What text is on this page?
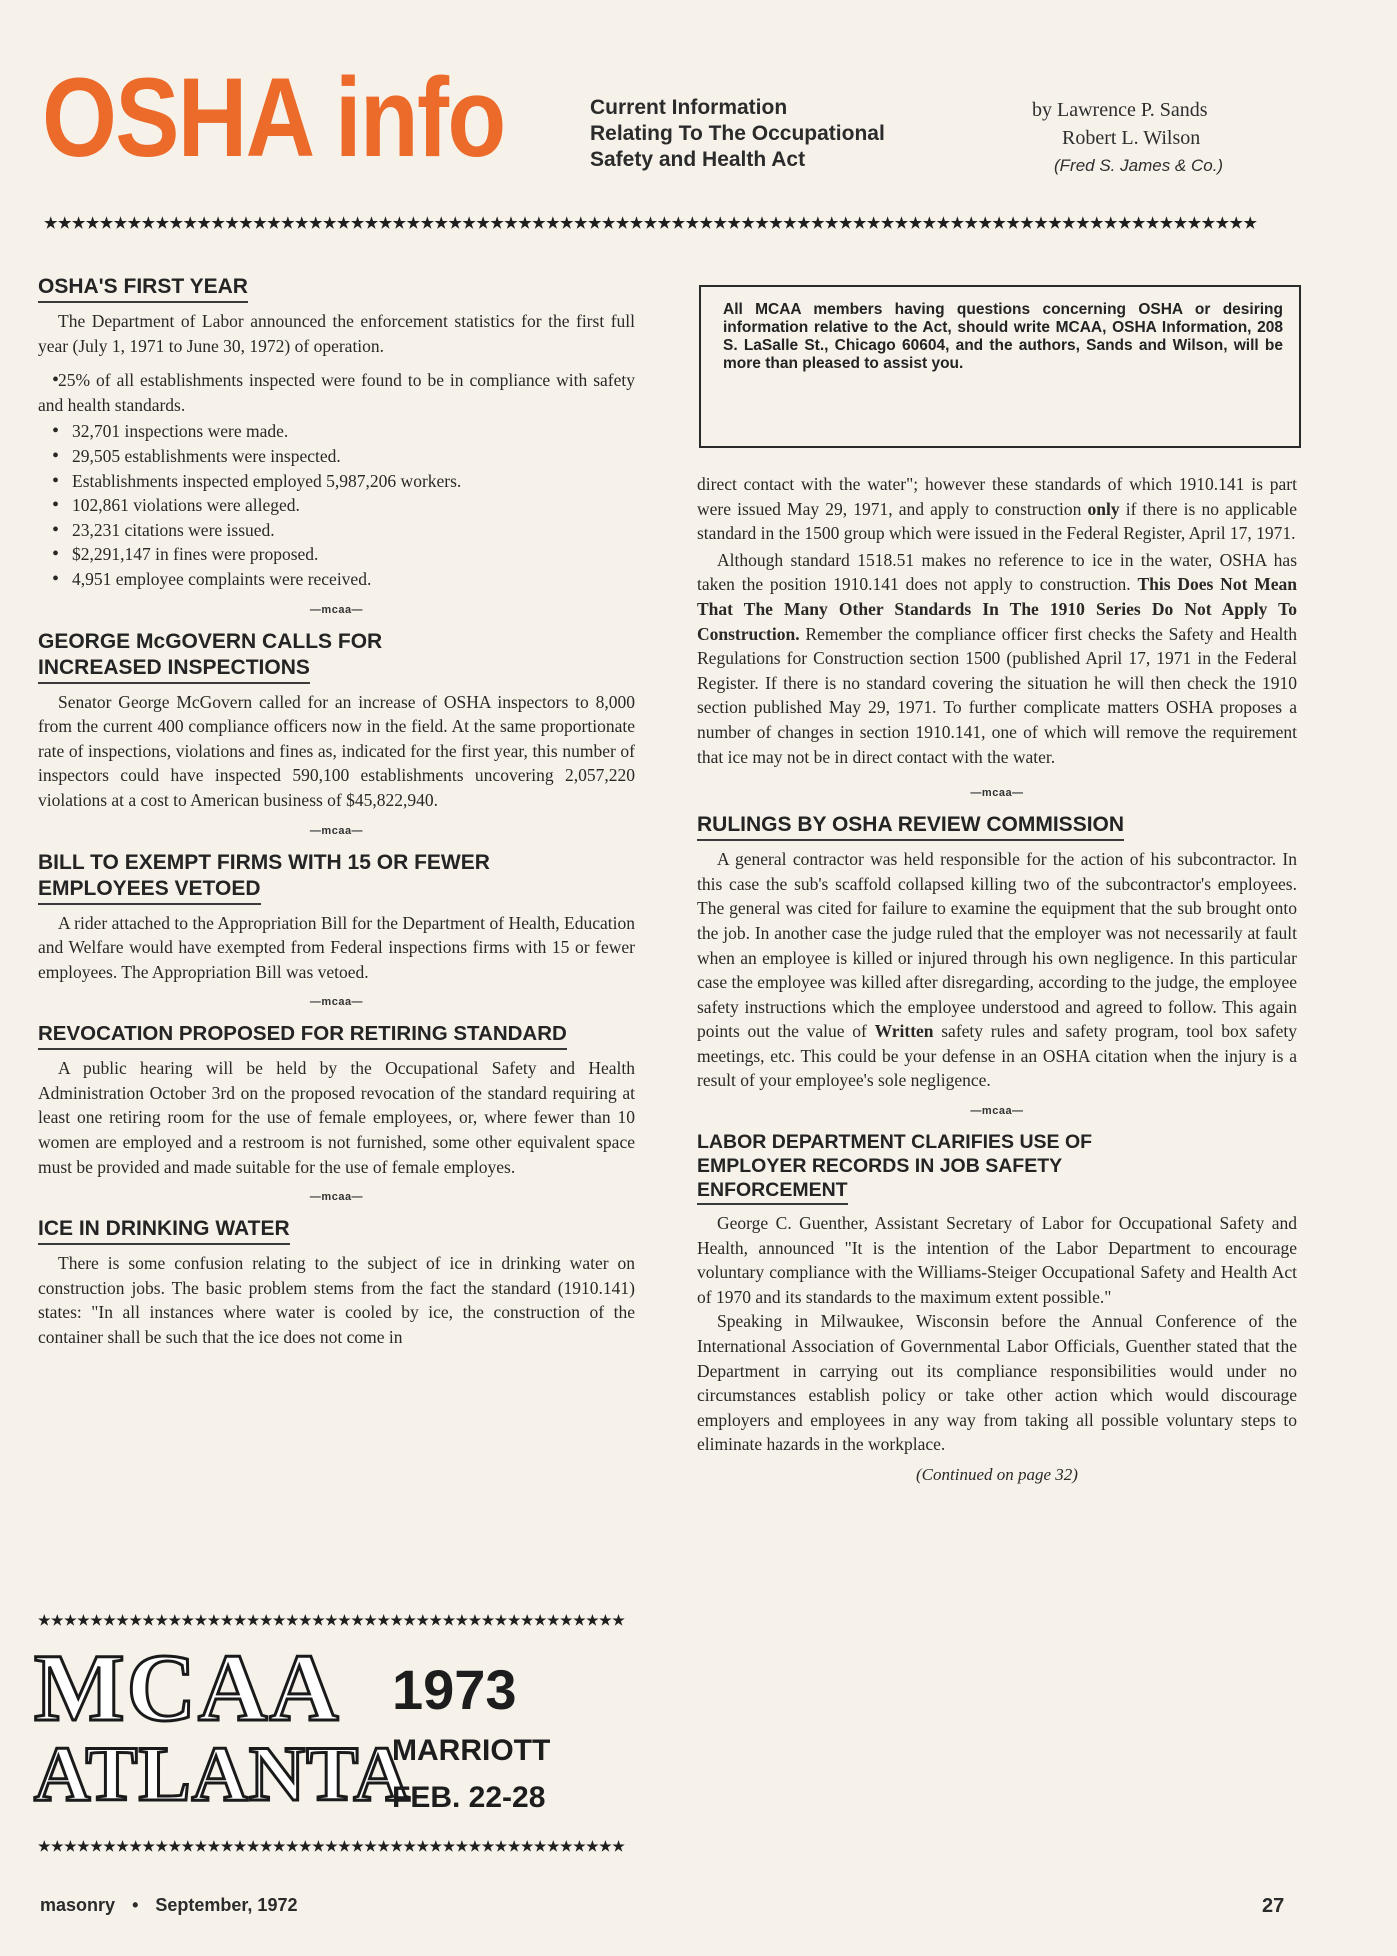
OSHA info	Current Information
Relating To The Occupational
Safety and Health Act
by Lawrence P. Sands
Robert L. Wilson
(Fred S. James & Co.)
★★★★★★★★★★★★★★★★★★★★★★★★★★★★★★★★★★★★★★★★★★★★★★★★★★★★★★★★★★★★★★★★★★★★★★★★★★★★★★★★★★★★★★★
OSHA'S FIRST YEAR

The Department of Labor announced the enforcement statistics for the first full year (July 1, 1971 to June 30, 1972) of operation.

• 25% of all establishments inspected were found to be in compliance with safety and health standards.
• 32,701 inspections were made.
• 29,505 establishments were inspected.
• Establishments inspected employed 5,987,206 workers.
• 102,861 violations were alleged.
• 23,231 citations were issued.
• $2,291,147 in fines were proposed.
• 4,951 employee complaints were received.
—mcaa—
GEORGE McGOVERN CALLS FOR
INCREASED INSPECTIONS

Senator George McGovern called for an increase of OSHA inspectors to 8,000 from the current 400 compliance officers now in the field. At the same proportionate rate of inspections, violations and fines as, indicated for the first year, this number of inspectors could have inspected 590,100 establishments uncovering 2,057,220 violations at a cost to American business of $45,822,940.

—mcaa—
BILL TO EXEMPT FIRMS WITH 15 OR FEWER
EMPLOYEES VETOED

A rider attached to the Appropriation Bill for the Department of Health, Education and Welfare would have exempted from Federal inspections firms with 15 or fewer employees. The Appropriation Bill was vetoed.

—mcaa—
REVOCATION PROPOSED FOR RETIRING STANDARD

A public hearing will be held by the Occupational Safety and Health Administration October 3rd on the proposed revocation of the standard requiring at least one retiring room for the use of female employees, or, where fewer than 10 women are employed and a restroom is not furnished, some other equivalent space must be provided and made suitable for the use of female employes.

—mcaa—
ICE IN DRINKING WATER

There is some confusion relating to the subject of ice in drinking water on construction jobs. The basic problem stems from the fact the standard (1910.141) states: "In all instances where water is cooled by ice, the construction of the container shall be such that the ice does not come in

★★★★★★★★★★★★★★★★★★★★★★★★★★★★★★★★★★★★★★★★★★★★★
MCAA
ATLANTA
1973
MARRIOTT
FEB. 22-28
★★★★★★★★★★★★★★★★★★★★★★★★★★★★★★★★★★★★★★★★★★★★★
All MCAA members having questions concerning OSHA or desiring information relative to the Act, should write MCAA, OSHA Information, 208 S. LaSalle St., Chicago 60604, and the authors, Sands and Wilson, will be more than pleased to assist you.

direct contact with the water"; however these standards of which 1910.141 is part were issued May 29, 1971, and apply to construction only if there is no applicable standard in the 1500 group which were issued in the Federal Register, April 17, 1971.

Although standard 1518.51 makes no reference to ice in the water, OSHA has taken the position 1910.141 does not apply to construction. This Does Not Mean That The Many Other Standards In The 1910 Series Do Not Apply To Construction. Remember the compliance officer first checks the Safety and Health Regulations for Construction section 1500 (published April 17, 1971 in the Federal Register. If there is no standard covering the situation he will then check the 1910 section published May 29, 1971. To further complicate matters OSHA proposes a number of changes in section 1910.141, one of which will remove the requirement that ice may not be in direct contact with the water.

—mcaa—
RULINGS BY OSHA REVIEW COMMISSION

A general contractor was held responsible for the action of his subcontractor. In this case the sub's scaffold collapsed killing two of the subcontractor's employees. The general was cited for failure to examine the equipment that the sub brought onto the job. In another case the judge ruled that the employer was not necessarily at fault when an employee is killed or injured through his own negligence. In this particular case the employee was killed after disregarding, according to the judge, the employee safety instructions which the employee understood and agreed to follow. This again points out the value of Written safety rules and safety program, tool box safety meetings, etc. This could be your defense in an OSHA citation when the injury is a result of your employee's sole negligence.

—mcaa—
LABOR DEPARTMENT CLARIFIES USE OF
EMPLOYER RECORDS IN JOB SAFETY
ENFORCEMENT

George C. Guenther, Assistant Secretary of Labor for Occupational Safety and Health, announced "It is the intention of the Labor Department to encourage voluntary compliance with the Williams-Steiger Occupational Safety and Health Act of 1970 and its standards to the maximum extent possible."

Speaking in Milwaukee, Wisconsin before the Annual Conference of the International Association of Governmental Labor Officials, Guenther stated that the Department in carrying out its compliance responsibilities would under no circumstances establish policy or take other action which would discourage employers and employees in any way from taking all possible voluntary steps to eliminate hazards in the workplace.

(Continued on page 32)
masonry • September, 1972	27
